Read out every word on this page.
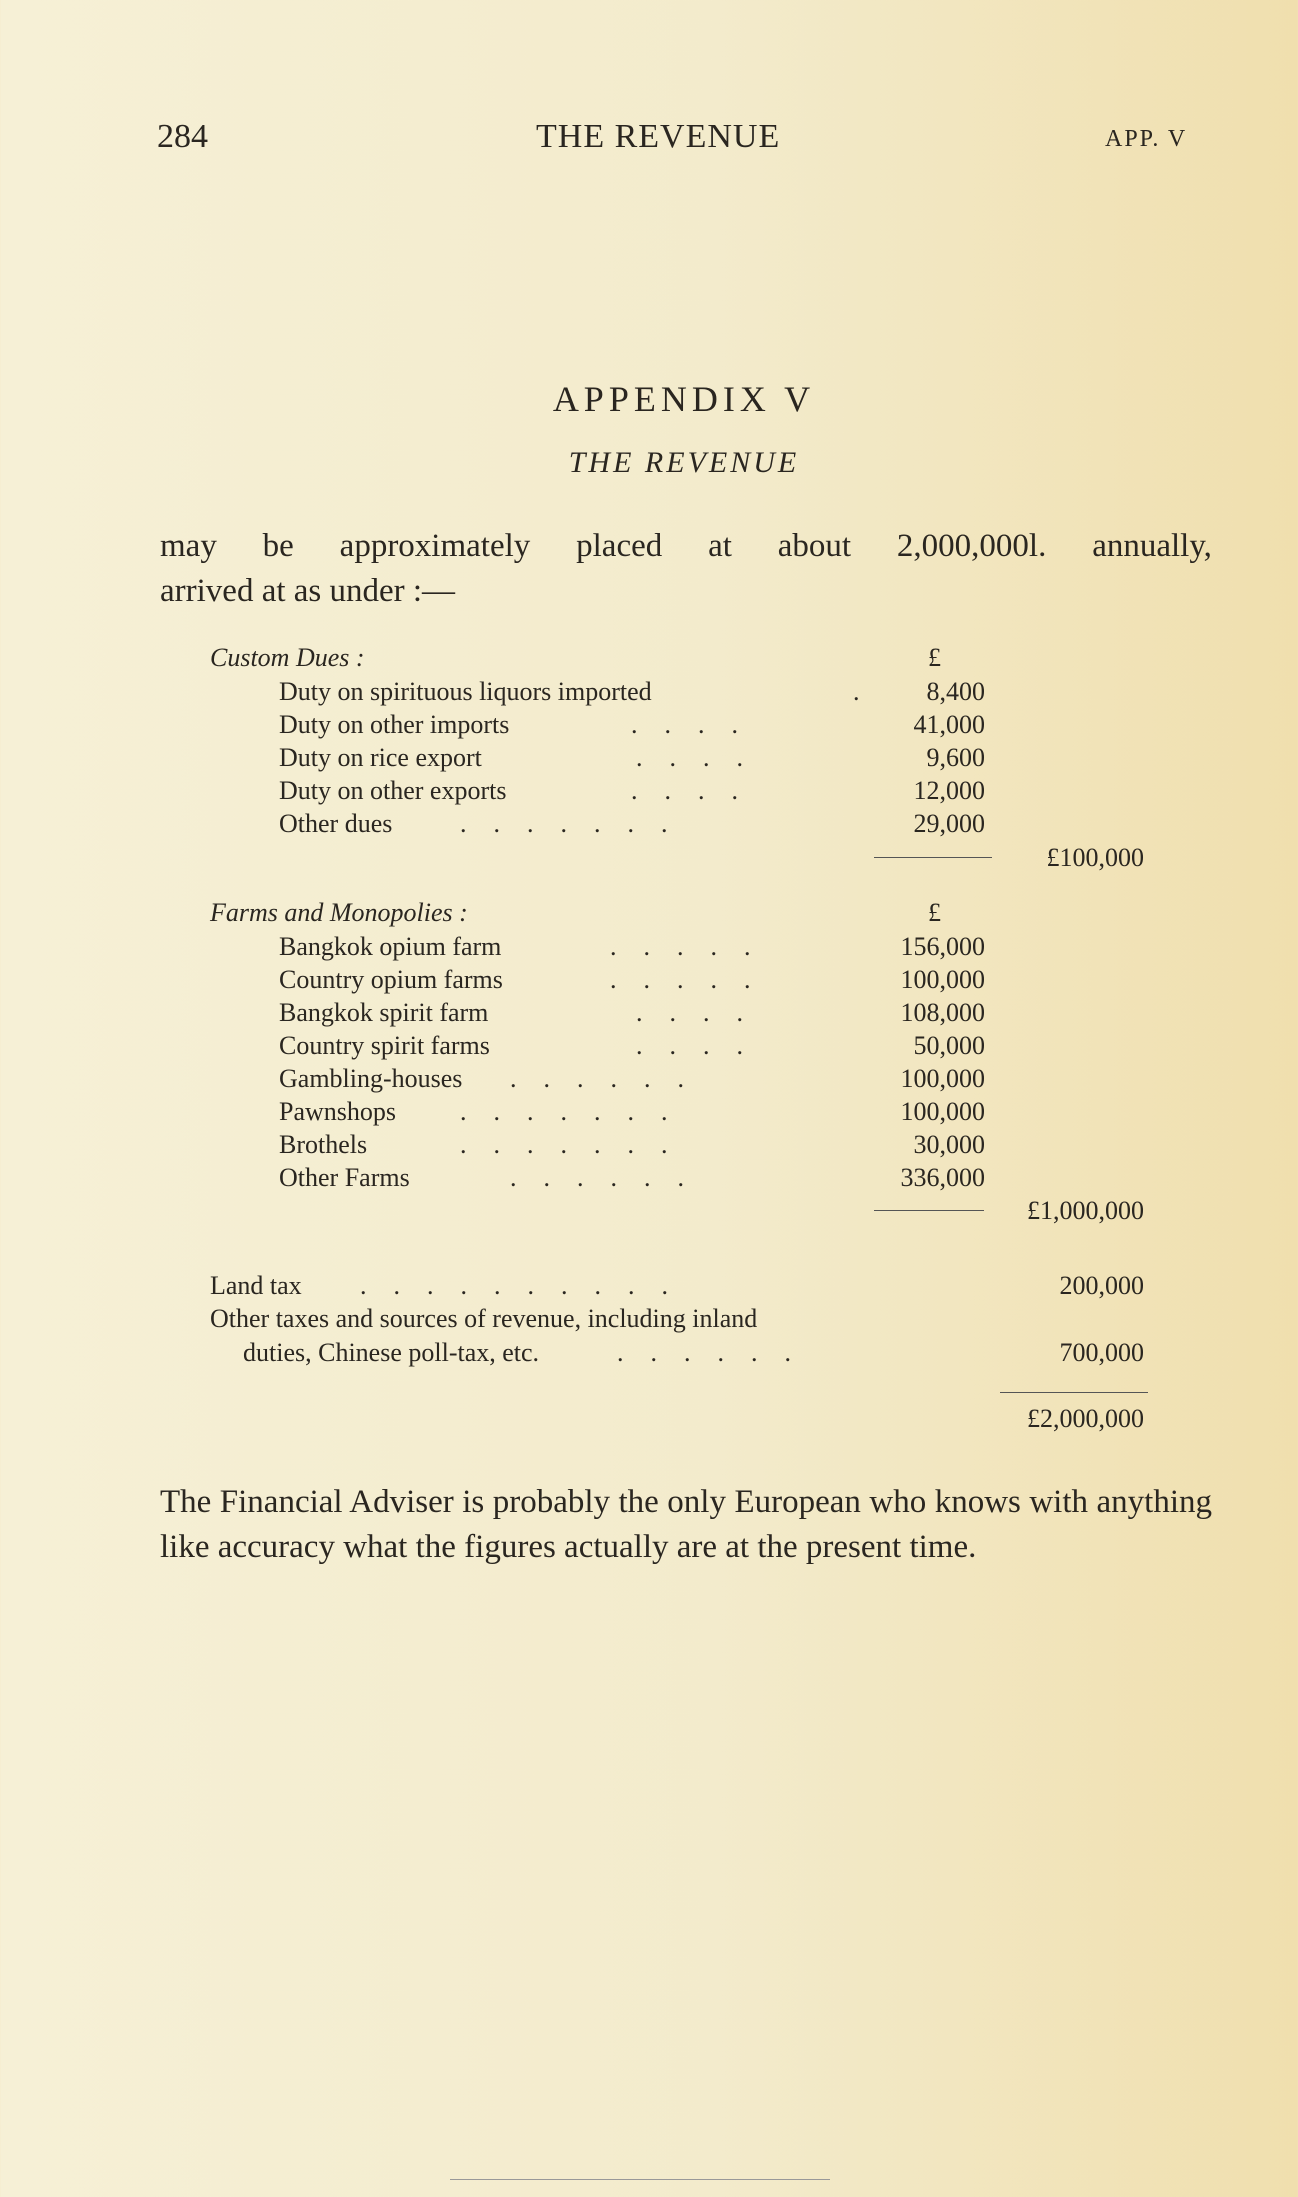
284	THE REVENUE	APP. V
APPENDIX V
THE REVENUE
may be approximately placed at about 2,000,000l. annually,
arrived at as under :—
Custom Dues :	£
Duty on spirituous liquors imported	.	8,400
Duty on other imports	....	41,000
Duty on rice export	....	9,600
Duty on other exports	....	12,000
Other dues	.......	29,000
£100,000
Farms and Monopolies :	£
Bangkok opium farm	.....	156,000
Country opium farms	.....	100,000
Bangkok spirit farm	....	108,000
Country spirit farms	....	50,000
Gambling-houses ......	100,000
Pawnshops .......	100,000
Brothels	.......	30,000
Other Farms	......	336,000
£1,000,000
Land tax ..........	200,000
Other taxes and sources of revenue, including inland
duties, Chinese poll-tax, etc.	......	700,000
£2,000,000
The Financial Adviser is probably the only European who knows with anything like accuracy what the figures actually are at the present time.
